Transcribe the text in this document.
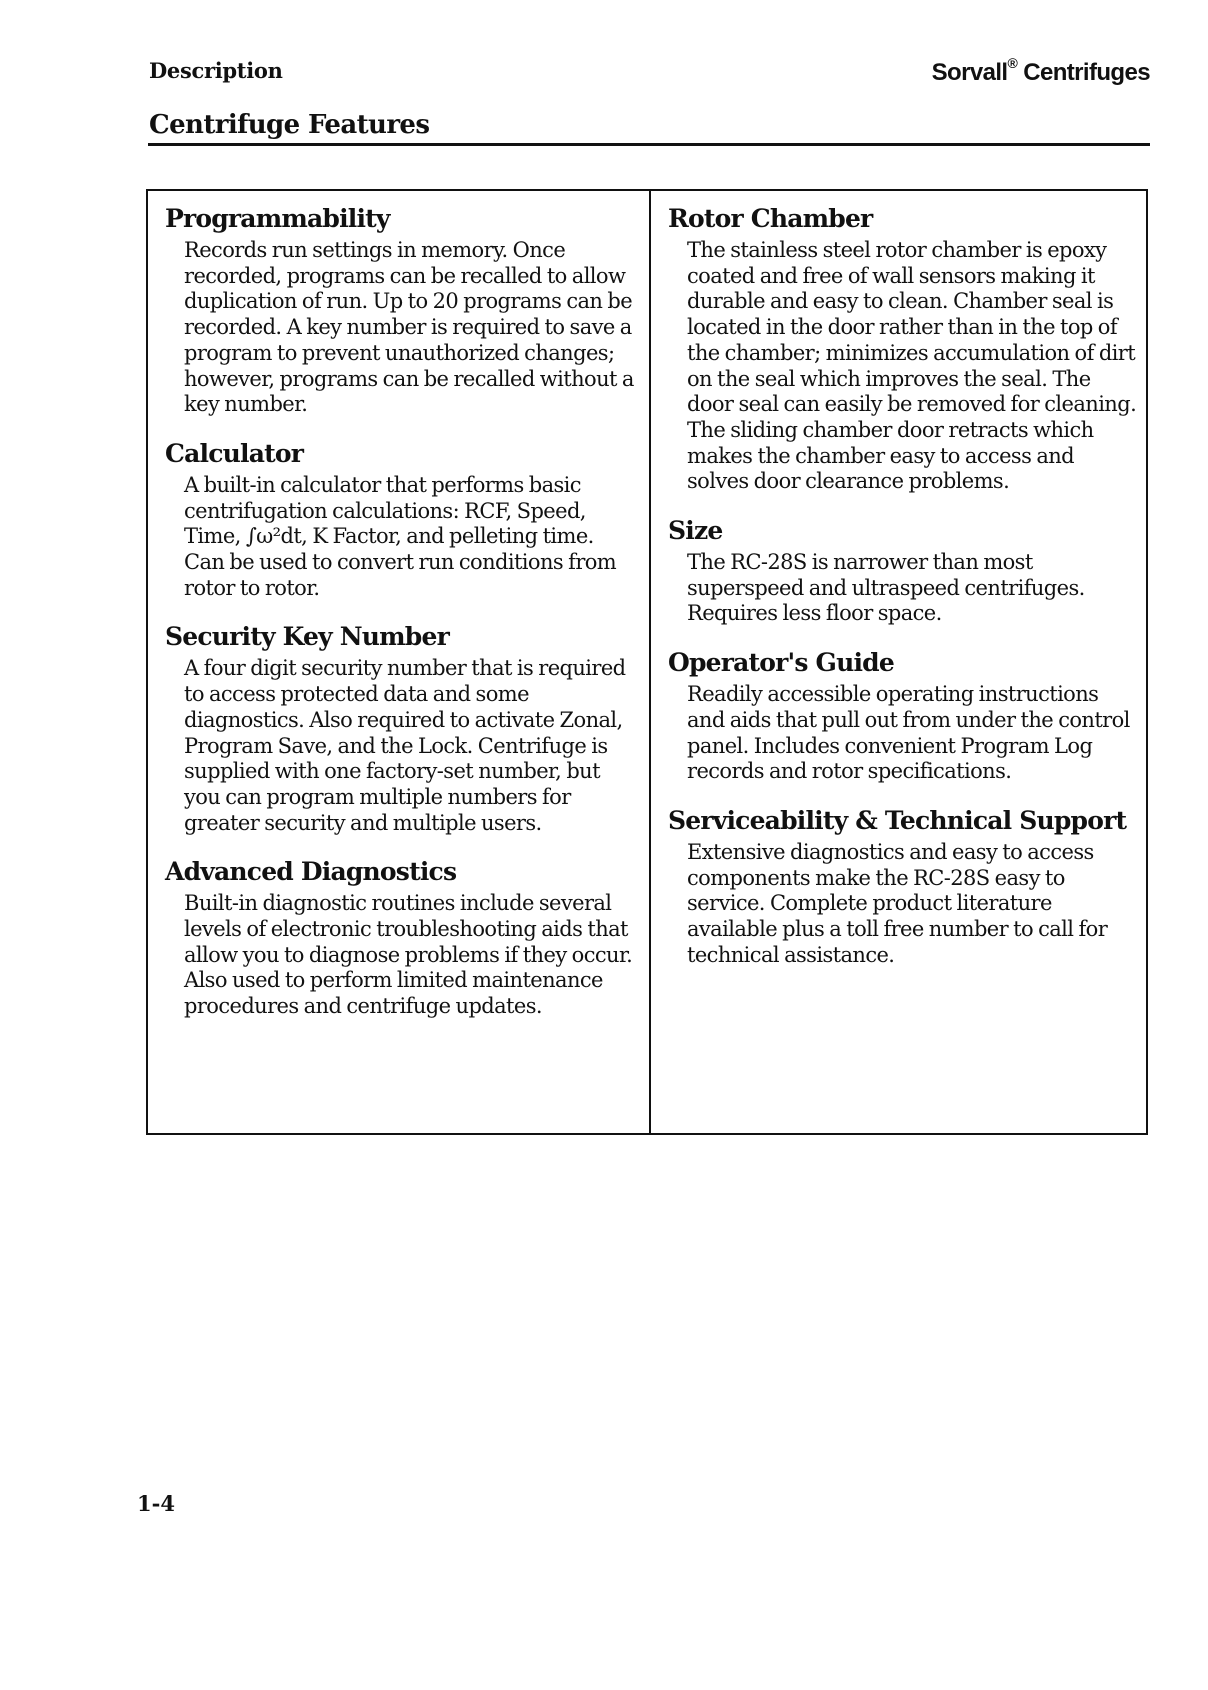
Description	Sorvall® Centrifuges
Centrifuge Features
Programmability
Records run settings in memory. Once recorded, programs can be recalled to allow duplication of run. Up to 20 programs can be recorded. A key number is required to save a program to prevent unauthorized changes; however, programs can be recalled without a key number.
Calculator
A built-in calculator that performs basic centrifugation calculations: RCF, Speed, Time, ∫ω²dt, K Factor, and pelleting time. Can be used to convert run conditions from rotor to rotor.
Security Key Number
A four digit security number that is required to access protected data and some diagnostics. Also required to activate Zonal, Program Save, and the Lock. Centrifuge is supplied with one factory-set number, but you can program multiple numbers for greater security and multiple users.
Advanced Diagnostics
Built-in diagnostic routines include several levels of electronic troubleshooting aids that allow you to diagnose problems if they occur. Also used to perform limited maintenance procedures and centrifuge updates.
Rotor Chamber
The stainless steel rotor chamber is epoxy coated and free of wall sensors making it durable and easy to clean. Chamber seal is located in the door rather than in the top of the chamber; minimizes accumulation of dirt on the seal which improves the seal. The door seal can easily be removed for cleaning. The sliding chamber door retracts which makes the chamber easy to access and solves door clearance problems.
Size
The RC-28S is narrower than most superspeed and ultraspeed centrifuges. Requires less floor space.
Operator's Guide
Readily accessible operating instructions and aids that pull out from under the control panel. Includes convenient Program Log records and rotor specifications.
Serviceability & Technical Support
Extensive diagnostics and easy to access components make the RC-28S easy to service. Complete product literature available plus a toll free number to call for technical assistance.
1-4
